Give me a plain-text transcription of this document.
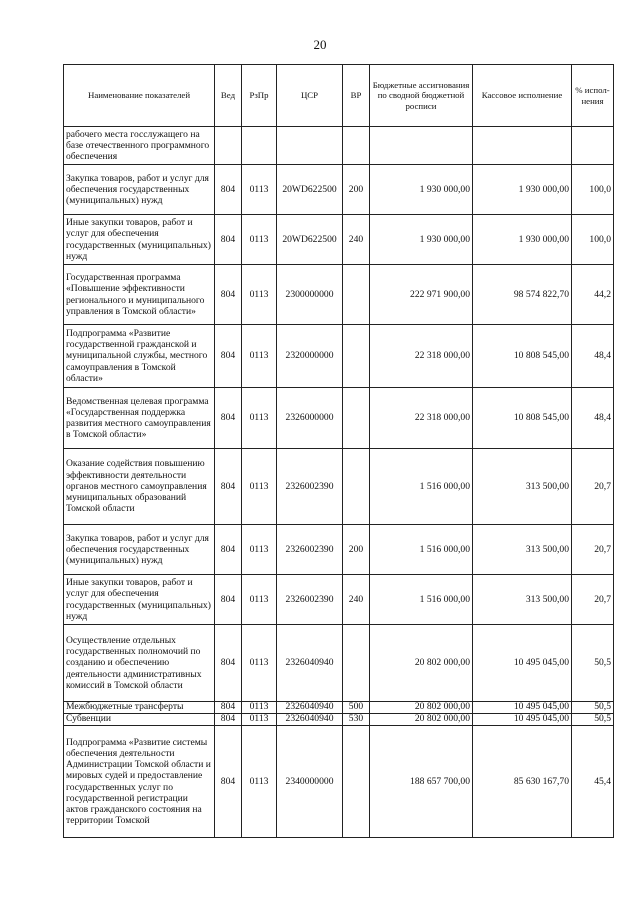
20
Наименование показателей	Вед	РзПр	ЦСР	ВР	Бюджетные ассигнования по сводной бюджетной росписи	Кассовое исполнение	% испол-нения
рабочего места госслужащего на базе отечественного программного обеспечения							
Закупка товаров, работ и услуг для обеспечения государственных (муниципальных) нужд	804	0113	20WD622500	200	1 930 000,00	1 930 000,00	100,0
Иные закупки товаров, работ и услуг для обеспечения государственных (муниципальных) нужд	804	0113	20WD622500	240	1 930 000,00	1 930 000,00	100,0
Государственная программа «Повышение эффективности регионального и муниципального управления в Томской области»	804	0113	2300000000		222 971 900,00	98 574 822,70	44,2
Подпрограмма «Развитие государственной гражданской и муниципальной службы, местного самоуправления в Томской области»	804	0113	2320000000		22 318 000,00	10 808 545,00	48,4
Ведомственная целевая программа «Государственная поддержка развития местного самоуправления в Томской области»	804	0113	2326000000		22 318 000,00	10 808 545,00	48,4
Оказание содействия повышению эффективности деятельности органов местного самоуправления муниципальных образований Томской области	804	0113	2326002390		1 516 000,00	313 500,00	20,7
Закупка товаров, работ и услуг для обеспечения государственных (муниципальных) нужд	804	0113	2326002390	200	1 516 000,00	313 500,00	20,7
Иные закупки товаров, работ и услуг для обеспечения государственных (муниципальных) нужд	804	0113	2326002390	240	1 516 000,00	313 500,00	20,7
Осуществление отдельных государственных полномочий по созданию и обеспечению деятельности административных комиссий в Томской области	804	0113	2326040940		20 802 000,00	10 495 045,00	50,5
Межбюджетные трансферты	804	0113	2326040940	500	20 802 000,00	10 495 045,00	50,5
Субвенции	804	0113	2326040940	530	20 802 000,00	10 495 045,00	50,5
Подпрограмма «Развитие системы обеспечения деятельности Администрации Томской области и мировых судей и предоставление государственных услуг по государственной регистрации актов гражданского состояния на территории Томской	804	0113	2340000000		188 657 700,00	85 630 167,70	45,4
